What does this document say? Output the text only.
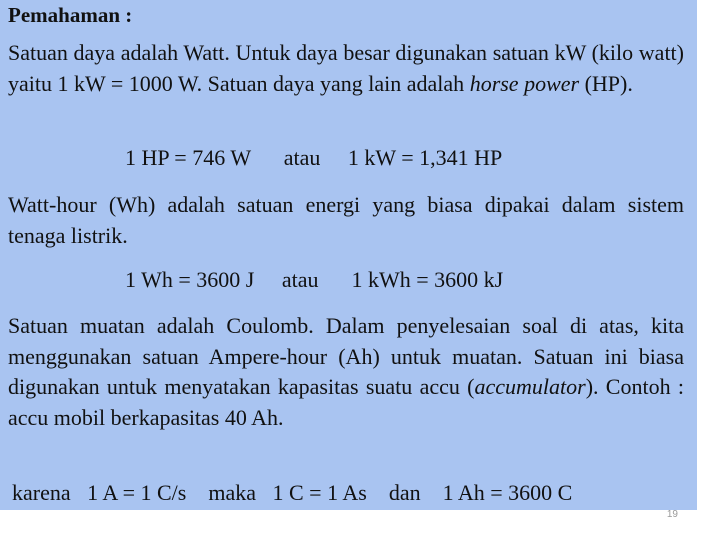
Pemahaman :

Satuan daya adalah Watt. Untuk daya besar digunakan satuan kW (kilo watt) yaitu 1 kW = 1000 W. Satuan daya yang lain adalah horse power (HP).

1 HP = 746 W atau 1 kW = 1,341 HP

Watt-hour (Wh) adalah satuan energi yang biasa dipakai dalam sistem tenaga listrik.

1 Wh = 3600 J atau 1 kWh = 3600 kJ

Satuan muatan adalah Coulomb. Dalam penyelesaian soal di atas, kita menggunakan satuan Ampere-hour (Ah) untuk muatan. Satuan ini biasa digunakan untuk menyatakan kapasitas suatu accu (accumulator). Contoh : accu mobil berkapasitas 40 Ah.

karena 1 A = 1 C/s maka 1 C = 1 As dan 1 Ah = 3600 C
19
